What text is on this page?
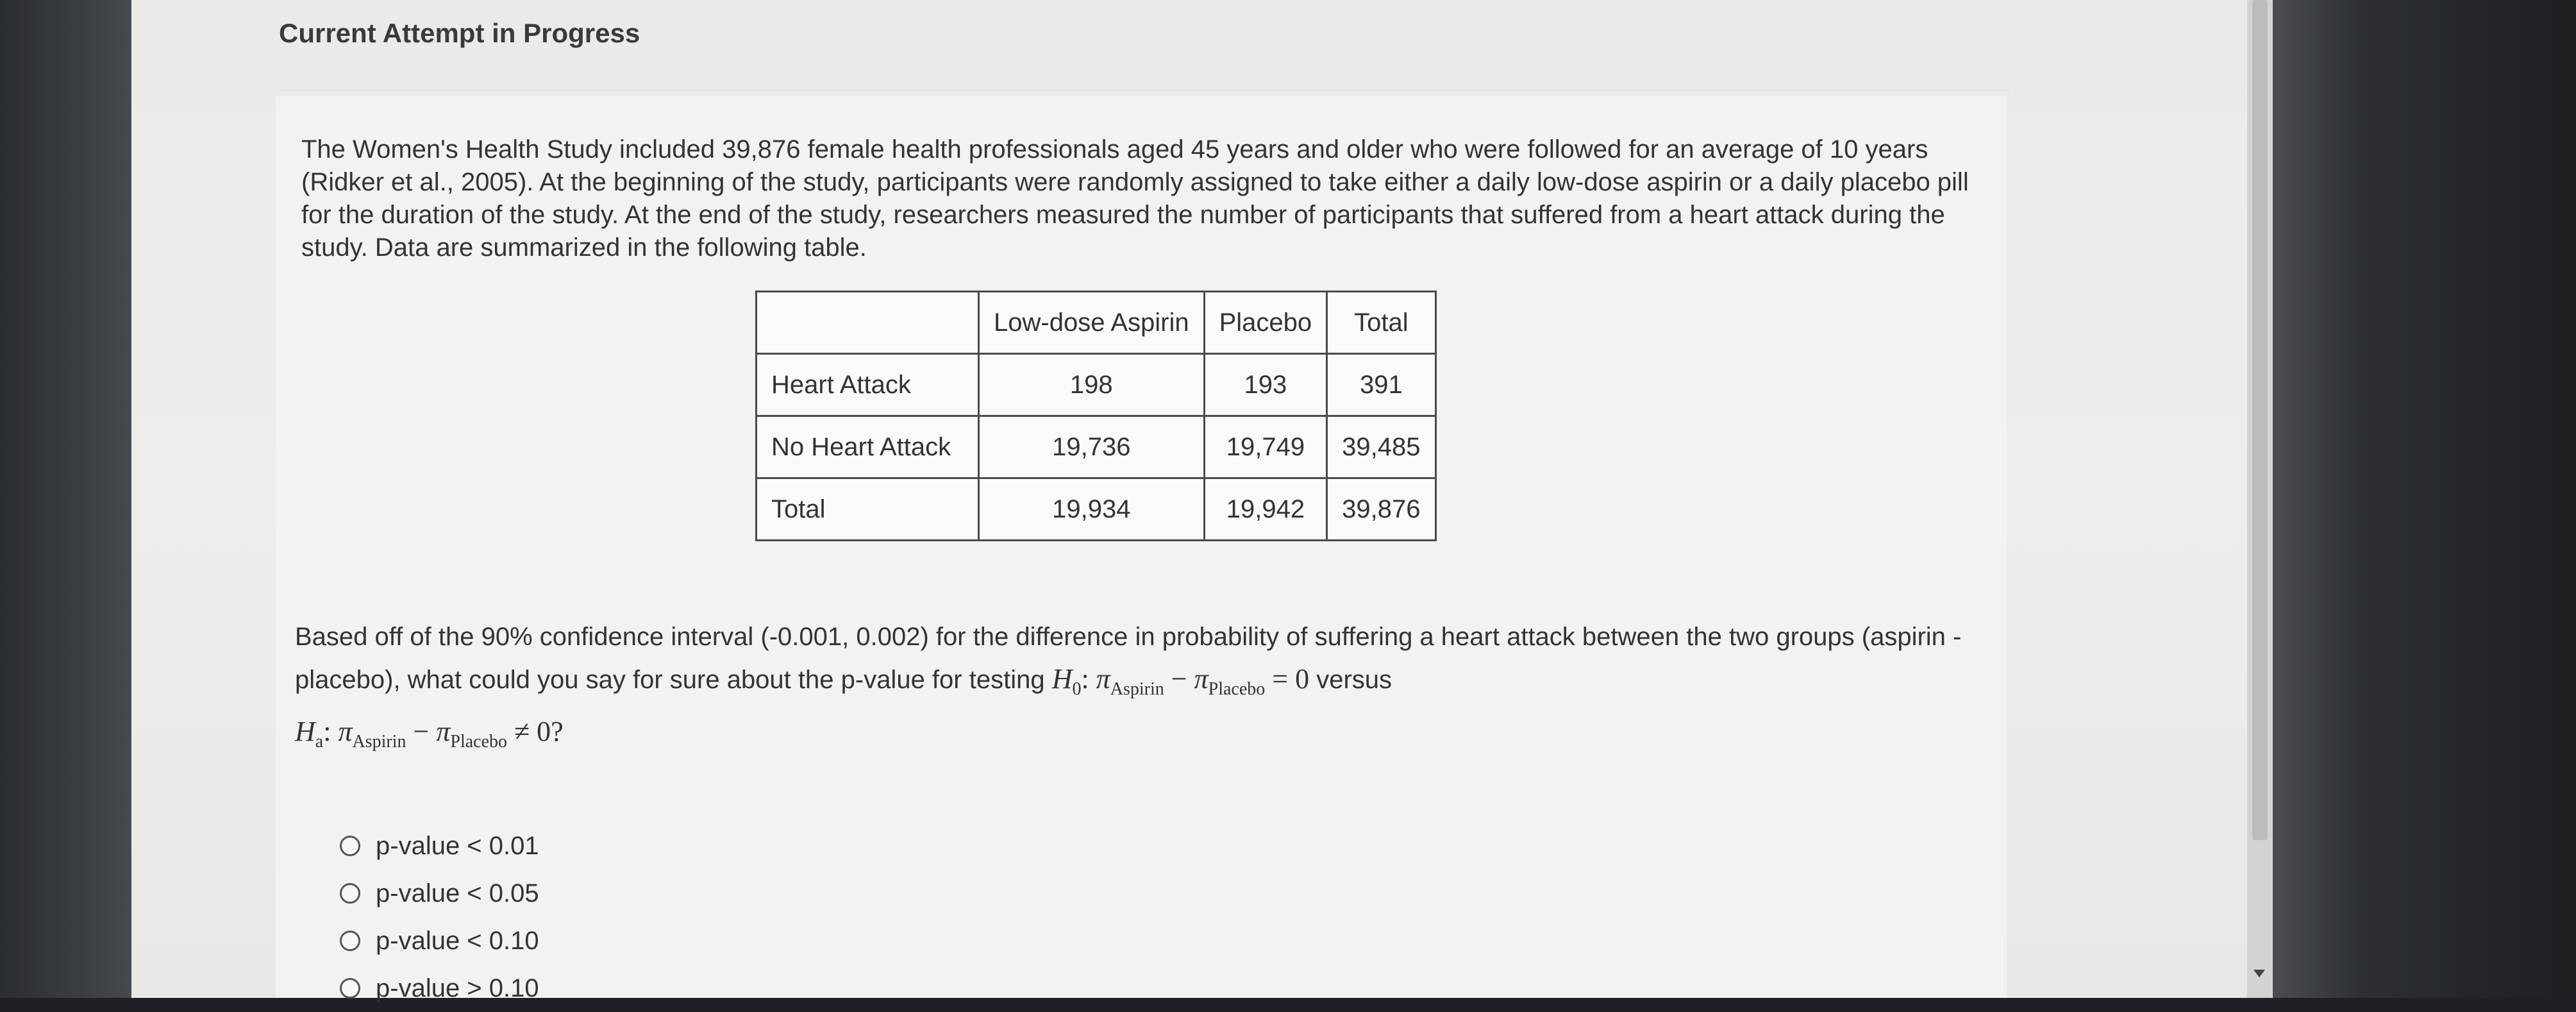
Current Attempt in Progress
The Women's Health Study included 39,876 female health professionals aged 45 years and older who were followed for an average of 10 years (Ridker et al., 2005). At the beginning of the study, participants were randomly assigned to take either a daily low-dose aspirin or a daily placebo pill for the duration of the study. At the end of the study, researchers measured the number of participants that suffered from a heart attack during the study. Data are summarized in the following table.
	Low-dose Aspirin	Placebo	Total
Heart Attack	198	193	391
No Heart Attack	19,736	19,749	39,485
Total	19,934	19,942	39,876
Based off of the 90% confidence interval (-0.001, 0.002) for the difference in probability of suffering a heart attack between the two groups (aspirin - placebo), what could you say for sure about the p-value for testing $H_0$: $\pi_{Aspirin} - \pi_{Placebo} = 0$ versus
$H_a$: $\pi_{Aspirin} - \pi_{Placebo} \ne 0$?
p-value < 0.01
p-value < 0.05
p-value < 0.10
p-value > 0.10
